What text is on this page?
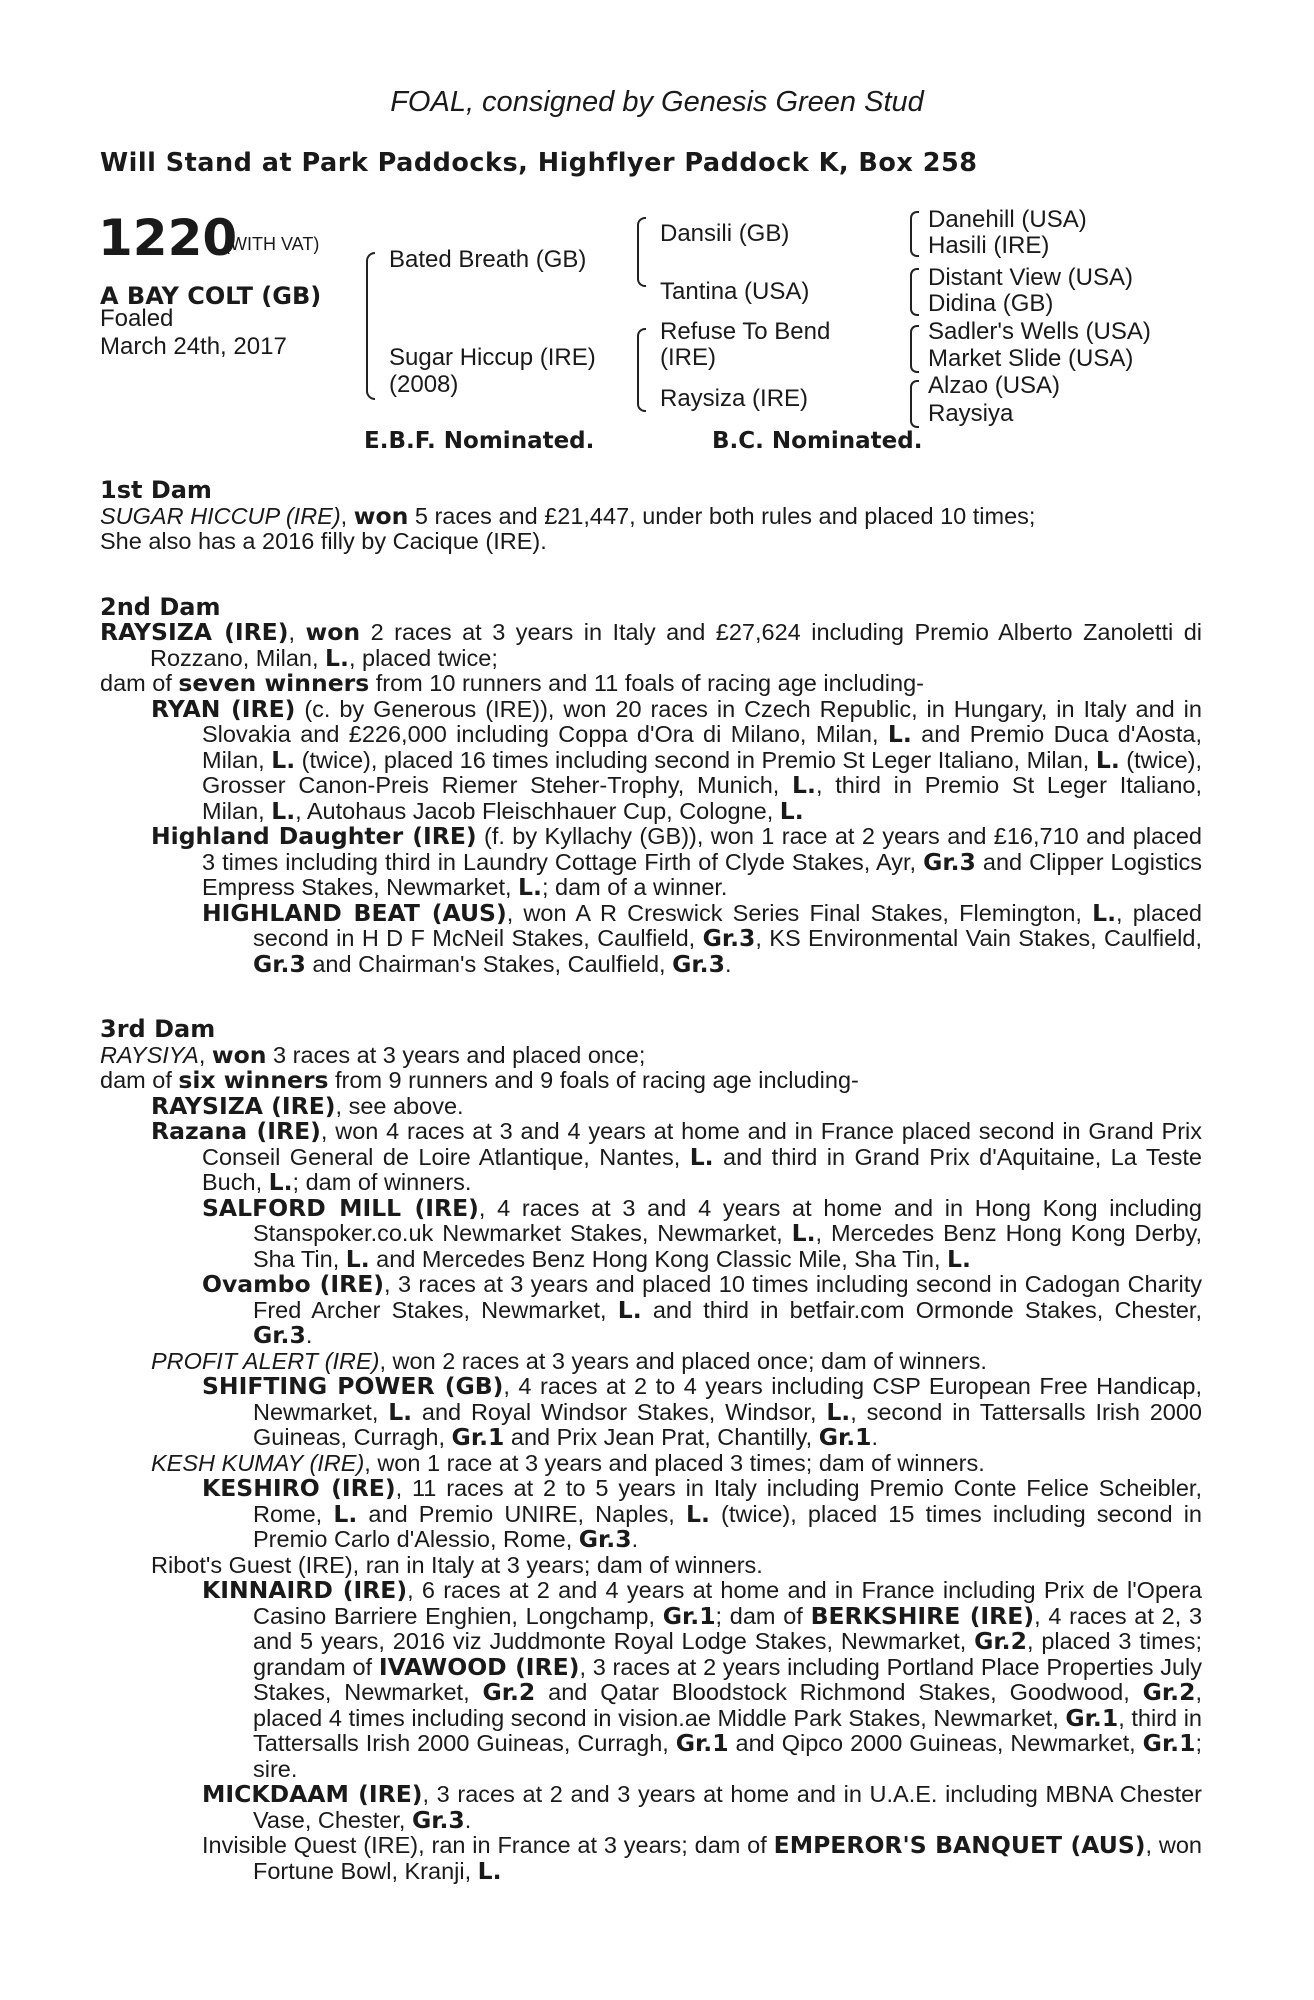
FOAL, consigned by Genesis Green Stud
Will Stand at Park Paddocks, Highflyer Paddock K, Box 258
1220
(WITH VAT)
A BAY COLT (GB)
Foaled
March 24th, 2017
Bated Breath (GB)
Sugar Hiccup (IRE)
(2008)
Dansili (GB)
Tantina (USA)
Refuse To Bend
(IRE)
Raysiza (IRE)
Danehill (USA)
Hasili (IRE)
Distant View (USA)
Didina (GB)
Sadler's Wells (USA)
Market Slide (USA)
Alzao (USA)
Raysiya
E.B.F. Nominated.	B.C. Nominated.
1st Dam

SUGAR HICCUP (IRE), won 5 races and £21,447, under both rules and placed 10 times;

She also has a 2016 filly by Cacique (IRE).

2nd Dam

RAYSIZA (IRE), won 2 races at 3 years in Italy and £27,624 including Premio Alberto Zanoletti di Rozzano, Milan, L., placed twice;

dam of seven winners from 10 runners and 11 foals of racing age including-

RYAN (IRE) (c. by Generous (IRE)), won 20 races in Czech Republic, in Hungary, in Italy and in Slovakia and £226,000 including Coppa d'Ora di Milano, Milan, L. and Premio Duca d'Aosta, Milan, L. (twice), placed 16 times including second in Premio St Leger Italiano, Milan, L. (twice), Grosser Canon-Preis Riemer Steher-Trophy, Munich, L., third in Premio St Leger Italiano, Milan, L., Autohaus Jacob Fleischhauer Cup, Cologne, L.

Highland Daughter (IRE) (f. by Kyllachy (GB)), won 1 race at 2 years and £16,710 and placed 3 times including third in Laundry Cottage Firth of Clyde Stakes, Ayr, Gr.3 and Clipper Logistics Empress Stakes, Newmarket, L.; dam of a winner.

HIGHLAND BEAT (AUS), won A R Creswick Series Final Stakes, Flemington, L., placed second in H D F McNeil Stakes, Caulfield, Gr.3, KS Environmental Vain Stakes, Caulfield, Gr.3 and Chairman's Stakes, Caulfield, Gr.3.

3rd Dam

RAYSIYA, won 3 races at 3 years and placed once;

dam of six winners from 9 runners and 9 foals of racing age including-

RAYSIZA (IRE), see above.

Razana (IRE), won 4 races at 3 and 4 years at home and in France placed second in Grand Prix Conseil General de Loire Atlantique, Nantes, L. and third in Grand Prix d'Aquitaine, La Teste Buch, L.; dam of winners.

SALFORD MILL (IRE), 4 races at 3 and 4 years at home and in Hong Kong including Stanspoker.co.uk Newmarket Stakes, Newmarket, L., Mercedes Benz Hong Kong Derby, Sha Tin, L. and Mercedes Benz Hong Kong Classic Mile, Sha Tin, L.

Ovambo (IRE), 3 races at 3 years and placed 10 times including second in Cadogan Charity Fred Archer Stakes, Newmarket, L. and third in betfair.com Ormonde Stakes, Chester, Gr.3.

PROFIT ALERT (IRE), won 2 races at 3 years and placed once; dam of winners.

SHIFTING POWER (GB), 4 races at 2 to 4 years including CSP European Free Handicap, Newmarket, L. and Royal Windsor Stakes, Windsor, L., second in Tattersalls Irish 2000 Guineas, Curragh, Gr.1 and Prix Jean Prat, Chantilly, Gr.1.

KESH KUMAY (IRE), won 1 race at 3 years and placed 3 times; dam of winners.

KESHIRO (IRE), 11 races at 2 to 5 years in Italy including Premio Conte Felice Scheibler, Rome, L. and Premio UNIRE, Naples, L. (twice), placed 15 times including second in Premio Carlo d'Alessio, Rome, Gr.3.

Ribot's Guest (IRE), ran in Italy at 3 years; dam of winners.

KINNAIRD (IRE), 6 races at 2 and 4 years at home and in France including Prix de l'Opera Casino Barriere Enghien, Longchamp, Gr.1; dam of BERKSHIRE (IRE), 4 races at 2, 3 and 5 years, 2016 viz Juddmonte Royal Lodge Stakes, Newmarket, Gr.2, placed 3 times; grandam of IVAWOOD (IRE), 3 races at 2 years including Portland Place Properties July Stakes, Newmarket, Gr.2 and Qatar Bloodstock Richmond Stakes, Goodwood, Gr.2, placed 4 times including second in vision.ae Middle Park Stakes, Newmarket, Gr.1, third in Tattersalls Irish 2000 Guineas, Curragh, Gr.1 and Qipco 2000 Guineas, Newmarket, Gr.1; sire.

MICKDAAM (IRE), 3 races at 2 and 3 years at home and in U.A.E. including MBNA Chester Vase, Chester, Gr.3.

Invisible Quest (IRE), ran in France at 3 years; dam of EMPEROR'S BANQUET (AUS), won Fortune Bowl, Kranji, L.
